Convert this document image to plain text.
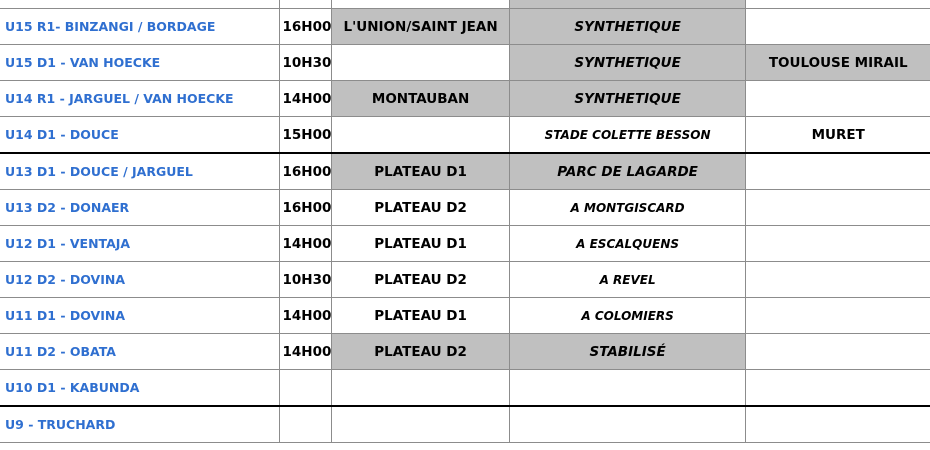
U15 R1- BINZANGI / BORDAGE	16H00	L'UNION/SAINT JEAN	SYNTHETIQUE	
U15 D1 - VAN HOECKE	10H30		SYNTHETIQUE	TOULOUSE MIRAIL
U14 R1 - JARGUEL / VAN HOECKE	14H00	MONTAUBAN	SYNTHETIQUE	
U14 D1 - DOUCE	15H00		STADE COLETTE BESSON	MURET
U13 D1 - DOUCE / JARGUEL	16H00	PLATEAU D1	PARC DE LAGARDE	
U13 D2 - DONAER	16H00	PLATEAU D2	A MONTGISCARD	
U12 D1 - VENTAJA	14H00	PLATEAU D1	A ESCALQUENS	
U12 D2 - DOVINA	10H30	PLATEAU D2	A REVEL	
U11 D1 - DOVINA	14H00	PLATEAU D1	A COLOMIERS	
U11 D2 - OBATA	14H00	PLATEAU D2	STABILISÉ	
U10 D1 - KABUNDA				
U9 - TRUCHARD				
